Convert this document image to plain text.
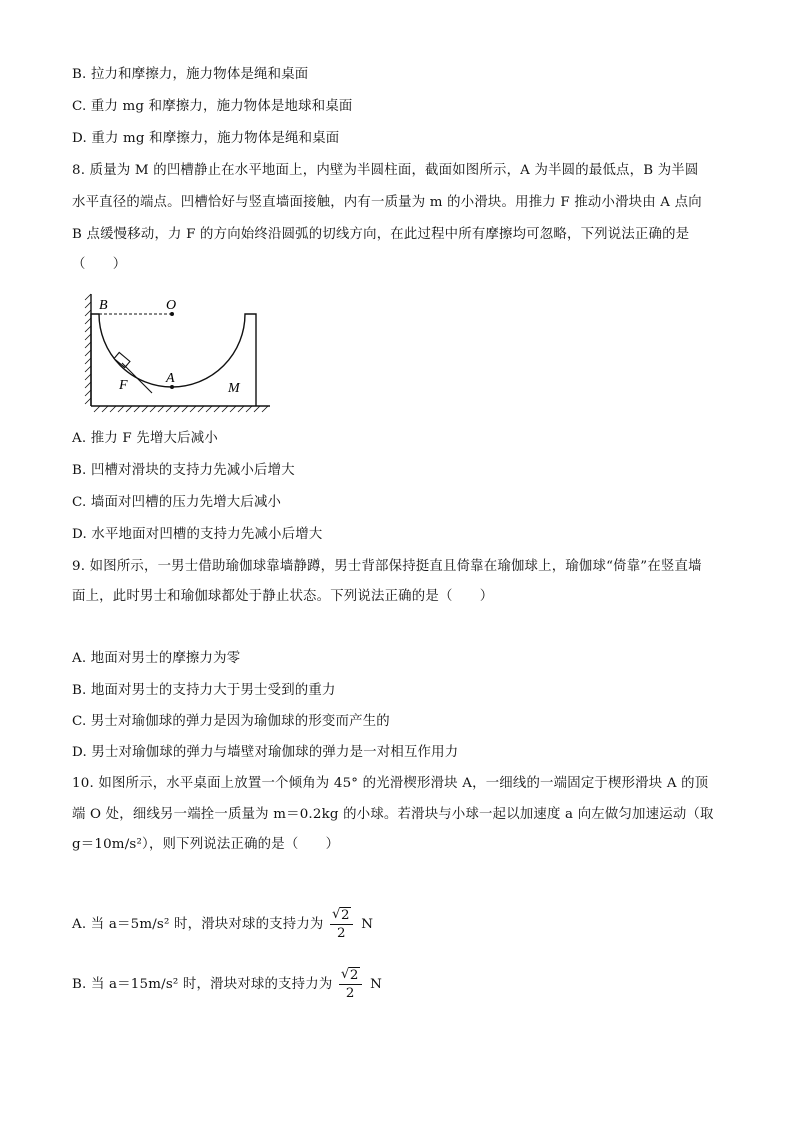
B. 拉力和摩擦力，施力物体是绳和桌面
C. 重力 mg 和摩擦力，施力物体是地球和桌面
D. 重力 mg 和摩擦力，施力物体是绳和桌面
8. 质量为 M 的凹槽静止在水平地面上，内壁为半圆柱面，截面如图所示，A 为半圆的最低点，B 为半圆
水平直径的端点。凹槽恰好与竖直墙面接触，内有一质量为 m 的小滑块。用推力 F 推动小滑块由 A 点向
B 点缓慢移动，力 F 的方向始终沿圆弧的切线方向，在此过程中所有摩擦均可忽略，下列说法正确的是
（　　）
B	O
A
F	M
A. 推力 F 先增大后减小
B. 凹槽对滑块的支持力先减小后增大
C. 墙面对凹槽的压力先增大后减小
D. 水平地面对凹槽的支持力先减小后增大
9. 如图所示，一男士借助瑜伽球靠墙静蹲，男士背部保持挺直且倚靠在瑜伽球上，瑜伽球“倚靠”在竖直墙
面上，此时男士和瑜伽球都处于静止状态。下列说法正确的是（　　）
A. 地面对男士的摩擦力为零
B. 地面对男士的支持力大于男士受到的重力
C. 男士对瑜伽球的弹力是因为瑜伽球的形变而产生的
D. 男士对瑜伽球的弹力与墙壁对瑜伽球的弹力是一对相互作用力
10. 如图所示，水平桌面上放置一个倾角为 45° 的光滑楔形滑块 A，一细线的一端固定于楔形滑块 A 的顶
端 O 处，细线另一端拴一质量为 m＝0.2kg 的小球。若滑块与小球一起以加速度 a 向左做匀加速运动（取
g＝10m/s²），则下列说法正确的是（　　）
A. 当 a＝5m/s² 时，滑块对球的支持力为 $\frac{√ 2}{2}$ N
B. 当 a＝15m/s² 时，滑块对球的支持力为 $\frac{√ 2}{2}$ N
